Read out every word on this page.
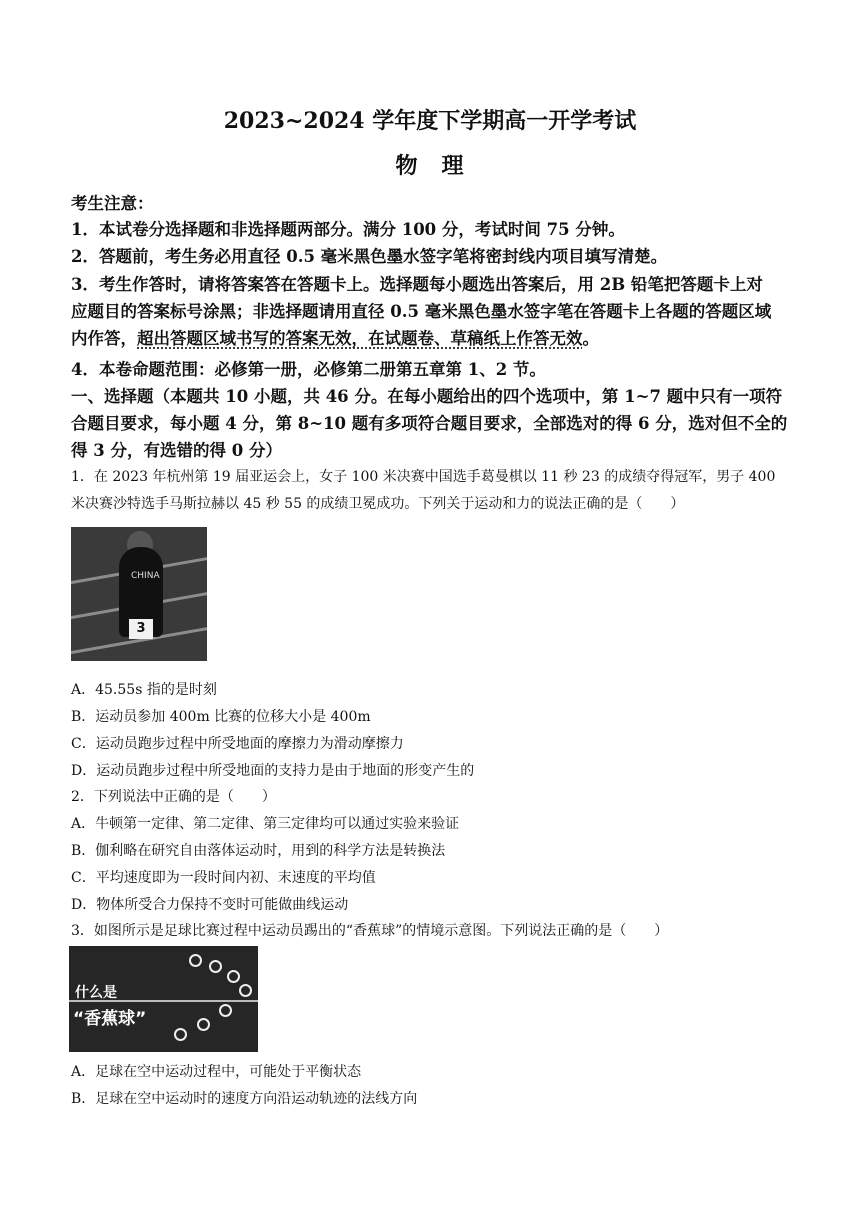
2023~2024 学年度下学期高一开学考试
物　理
考生注意：
1．本试卷分选择题和非选择题两部分。满分 100 分，考试时间 75 分钟。
2．答题前，考生务必用直径 0.5 毫米黑色墨水签字笔将密封线内项目填写清楚。
3．考生作答时，请将答案答在答题卡上。选择题每小题选出答案后，用 2B 铅笔把答题卡上对
应题目的答案标号涂黑；非选择题请用直径 0.5 毫米黑色墨水签字笔在答题卡上各题的答题区域
内作答，超出答题区域书写的答案无效，在试题卷、草稿纸上作答无效。
4．本卷命题范围：必修第一册，必修第二册第五章第 1、2 节。
一、选择题（本题共 10 小题，共 46 分。在每小题给出的四个选项中，第 1~7 题中只有一项符
合题目要求，每小题 4 分，第 8~10 题有多项符合题目要求，全部选对的得 6 分，选对但不全的
得 3 分，有选错的得 0 分）
1．在 2023 年杭州第 19 届亚运会上，女子 100 米决赛中国选手葛曼棋以 11 秒 23 的成绩夺得冠军，男子 400
米决赛沙特选手马斯拉赫以 45 秒 55 的成绩卫冕成功。下列关于运动和力的说法正确的是（　　）
CHINA
3
A．45.55s 指的是时刻
B．运动员参加 400m 比赛的位移大小是 400m
C．运动员跑步过程中所受地面的摩擦力为滑动摩擦力
D．运动员跑步过程中所受地面的支持力是由于地面的形变产生的
2．下列说法中正确的是（　　）
A．牛顿第一定律、第二定律、第三定律均可以通过实验来验证
B．伽利略在研究自由落体运动时，用到的科学方法是转换法
C．平均速度即为一段时间内初、末速度的平均值
D．物体所受合力保持不变时可能做曲线运动
3．如图所示是足球比赛过程中运动员踢出的“香蕉球”的情境示意图。下列说法正确的是（　　）
什么是
“香蕉球”
A．足球在空中运动过程中，可能处于平衡状态
B．足球在空中运动时的速度方向沿运动轨迹的法线方向
